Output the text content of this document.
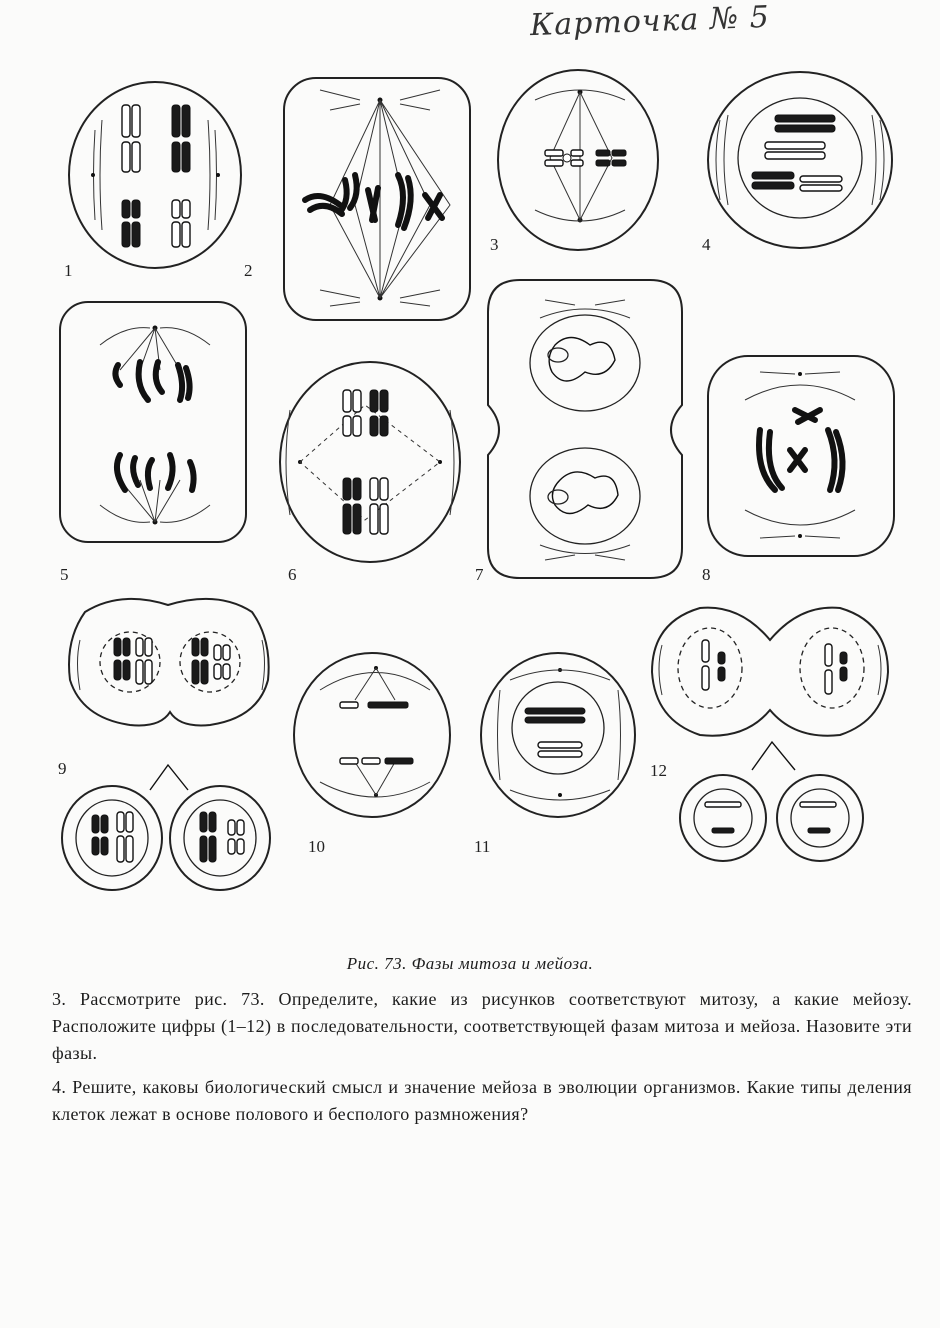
Карточка № 5
1	2
3	4
5	6	7	8
9
10	11
12
Рис. 73. Фазы митоза и мейоза.

3. Рассмотрите рис. 73. Определите, какие из рисунков соответствуют митозу, а какие мейозу. Расположите цифры (1–12) в последовательности, соответствующей фазам митоза и мейоза. Назовите эти фазы.

4. Решите, каковы биологический смысл и значение мейоза в эволюции организмов. Какие типы деления клеток лежат в основе полового и бесполого размножения?
